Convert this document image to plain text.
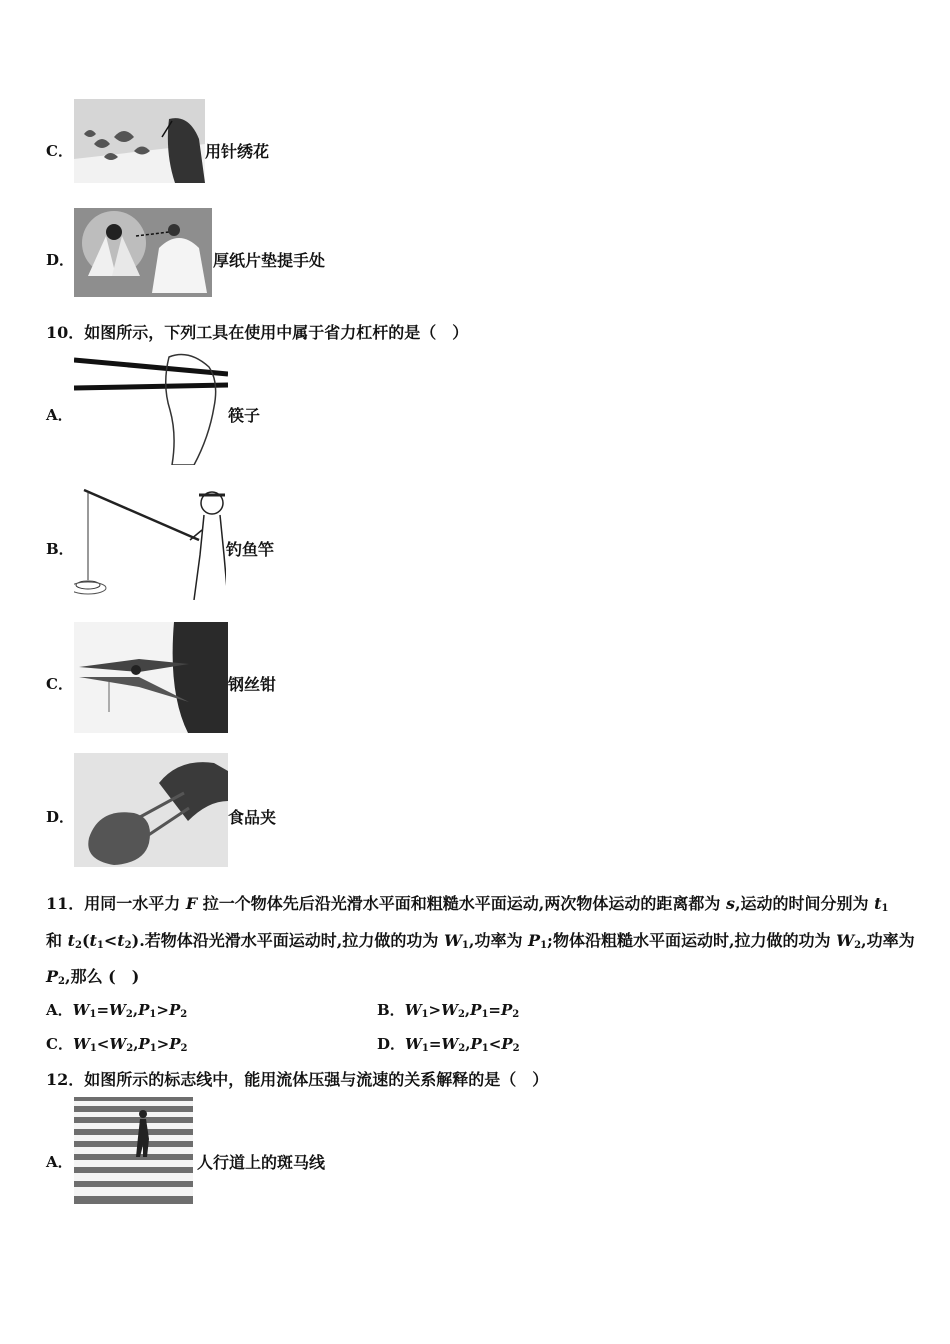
C．	用针绣花
D．	厚纸片垫提手处
10．如图所示，下列工具在使用中属于省力杠杆的是（　）
A．	筷子
B．	钓鱼竿
C．	钢丝钳
D．	食品夹
11．用同一水平力 F 拉一个物体先后沿光滑水平面和粗糙水平面运动,两次物体运动的距离都为 s,运动的时间分别为 $t_1$
和 $t_2(t_1<t_2)$.若物体沿光滑水平面运动时,拉力做的功为 $W_1$,功率为 $P_1$;物体沿粗糙水平面运动时,拉力做的功为 $W_2$,功率为
$P_2$,那么 (　)
A．$W_1=W_2,P_1>P_2$	B．$W_1>W_2,P_1=P_2$
C．$W_1<W_2,P_1>P_2$	D．$W_1=W_2,P_1<P_2$
12．如图所示的标志线中，能用流体压强与流速的关系解释的是（　）
A．	人行道上的斑马线
